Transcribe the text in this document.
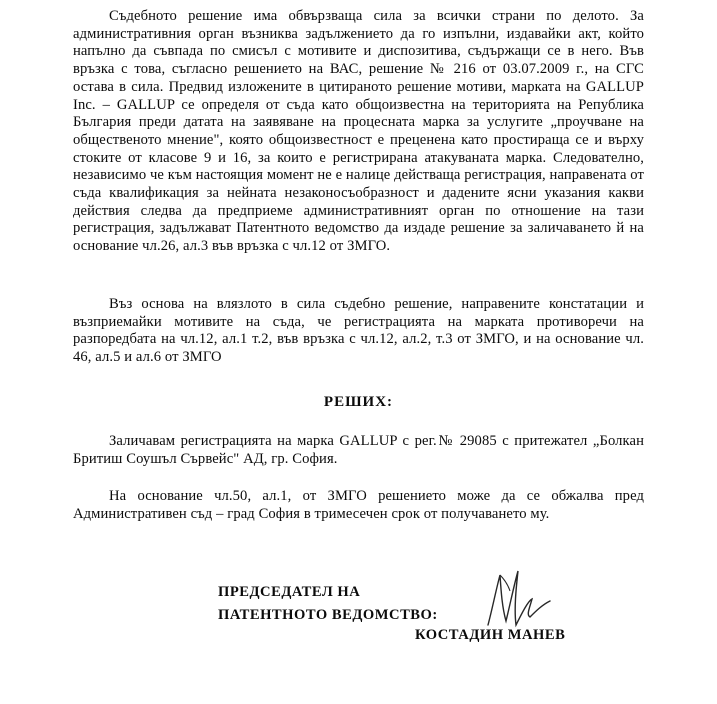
Съдебното решение има обвързваща сила за всички страни по делото. За административния орган възниква задължението да го изпълни, издавайки акт, който напълно да съвпада по смисъл с мотивите и диспозитива, съдържащи се в него. Във връзка с това, съгласно решението на ВАС, решение № 216 от 03.07.2009 г., на СГС остава в сила. Предвид изложените в цитираното решение мотиви, марката на GALLUP Inc. – GALLUP се определя от съда като общоизвестна на територията на Република България преди датата на заявяване на процесната марка за услугите „проучване на общественото мнение", която общоизвестност е преценена като простираща се и върху стоките от класове 9 и 16, за които е регистрирана атакуваната марка. Следователно, независимо че към настоящия момент не е налице действаща регистрация, направената от съда квалификация за нейната незаконосъобразност и дадените ясни указания какви действия следва да предприеме административният орган по отношение на тази регистрация, задължават Патентното ведомство да издаде решение за заличаването й на основание чл.26, ал.3 във връзка с чл.12 от ЗМГО.
Въз основа на влязлото в сила съдебно решение, направените констатации и възприемайки мотивите на съда, че регистрацията на марката противоречи на разпоредбата на чл.12, ал.1 т.2, във връзка с чл.12, ал.2, т.3 от ЗМГО, и на основание чл. 46, ал.5 и ал.6 от ЗМГО
РЕШИХ:
Заличавам регистрацията на марка GALLUP с рег.№ 29085 с притежател „Болкан Бритиш Соушъл Сървейс" АД, гр. София.
На основание чл.50, ал.1, от ЗМГО решението може да се обжалва пред Административен съд – град София в тримесечен срок от получаването му.
ПРЕДСЕДАТЕЛ НА
ПАТЕНТНОТО ВЕДОМСТВО:
КОСТАДИН МАНЕВ
